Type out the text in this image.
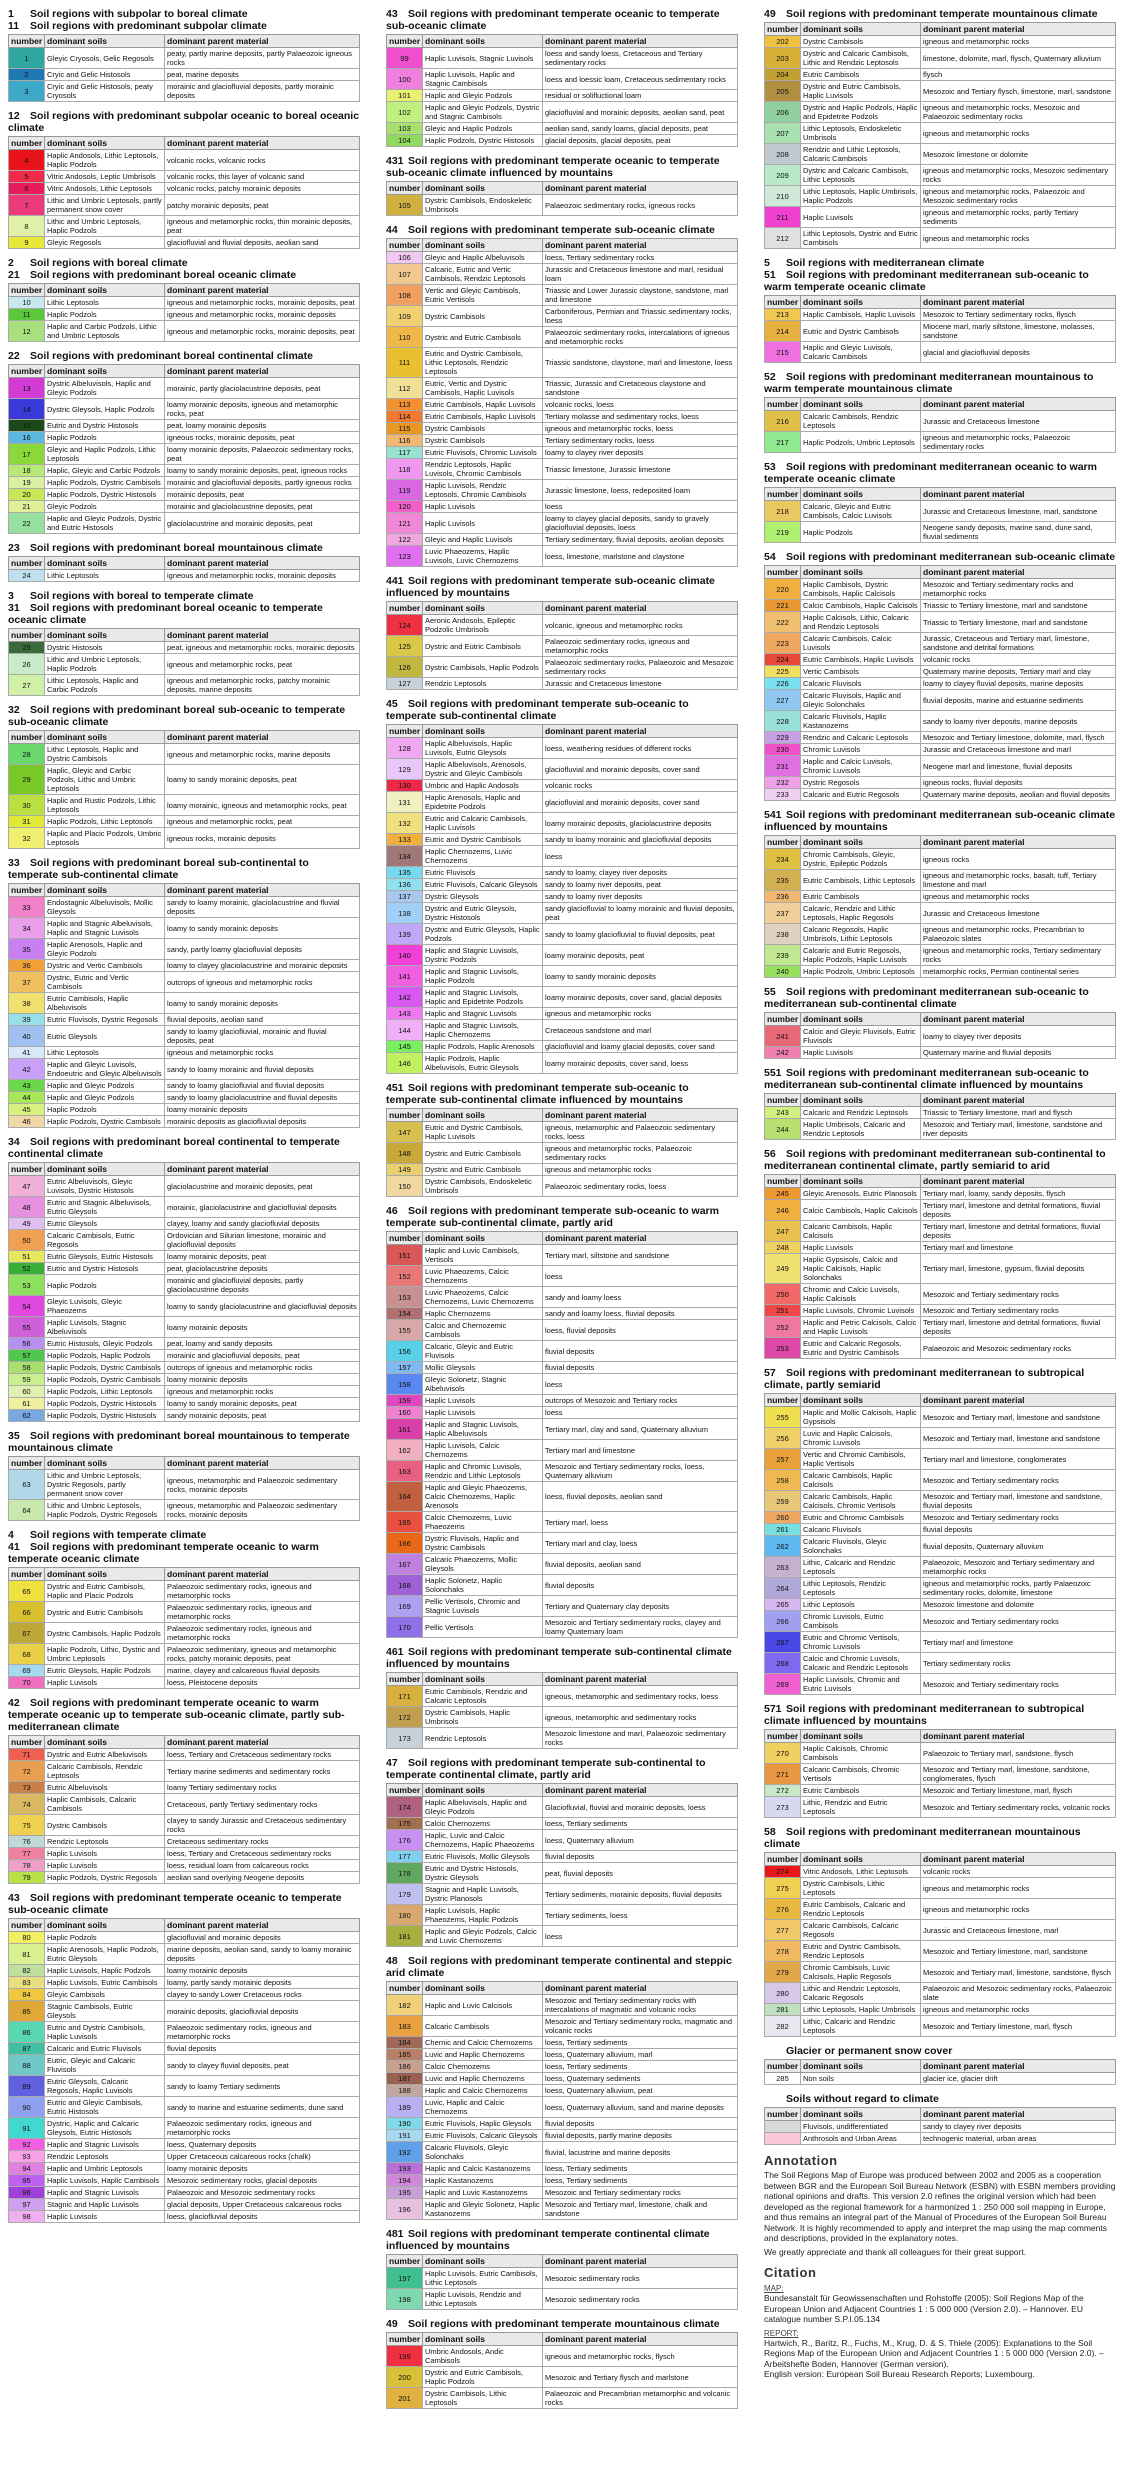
1 Soil regions with subpolar to boreal climate
11 Soil regions with predominant subpolar climate
number	dominant soils	dominant parent material
1	Gleyic Cryosols, Gelic Regosols	peaty, partly marine deposits, partly Palaeozoic igneous rocks
2	Cryic and Gelic Histosols	peat, marine deposits
3	Cryic and Gelic Histosols, peaty Cryosols	morainic and glaciofluvial deposits, partly morainic deposits
12 Soil regions with predominant subpolar oceanic to boreal oceanic climate
number	dominant soils	dominant parent material
4	Haplic Andosols, Lithic Leptosols, Haplic Podzols	volcanic rocks, volcanic rocks
5	Vitric Andosols, Leptic Umbrisols	volcanic rocks, this layer of volcanic sand
6	Vitric Andosols, Lithic Leptosols	volcanic rocks, patchy morainic deposits
7	Lithic and Umbric Leptosols, partly permanent snow cover	patchy morainic deposits, peat
8	Lithic and Umbric Leptosols, Haplic Podzols	igneous and metamorphic rocks, thin morainic deposits, peat
9	Gleyic Regosols	glaciofluvial and fluvial deposits, aeolian sand
2 Soil regions with boreal climate
21 Soil regions with predominant boreal oceanic climate
number	dominant soils	dominant parent material
10	Lithic Leptosols	igneous and metamorphic rocks, morainic deposits, peat
11	Haplic Podzols	igneous and metamorphic rocks, morainic deposits
12	Haplic and Carbic Podzols, Lithic and Umbric Leptosols	igneous and metamorphic rocks, morainic deposits, peat
22 Soil regions with predominant boreal continental climate
number	dominant soils	dominant parent material
13	Dystric Albeluvisols, Haplic and Gleyic Podzols	morainic, partly glaciolacustrine deposits, peat
14	Dystric Gleysols, Haplic Podzols	loamy morainic deposits, igneous and metamorphic rocks, peat
15	Eutric and Dystric Histosols	peat, loamy morainic deposits
16	Haplic Podzols	igneous rocks, morainic deposits, peat
17	Gleyic and Haplic Podzols, Lithic Leptosols	loamy morainic deposits, Palaeozoic sedimentary rocks, peat
18	Haplic, Gleyic and Carbic Podzols	loamy to sandy morainic deposits, peat, igneous rocks
19	Haplic Podzols, Dystric Cambisols	morainic and glaciofluvial deposits, partly igneous rocks
20	Haplic Podzols, Dystric Histosols	morainic deposits, peat
21	Gleyic Podzols	morainic and glaciolacustrine deposits, peat
22	Haplic and Gleyic Podzols, Dystric and Eutric Histosols	glaciolacustrine and morainic deposits, peat
23 Soil regions with predominant boreal mountainous climate
number	dominant soils	dominant parent material
24	Lithic Leptosols	igneous and metamorphic rocks, morainic deposits
3 Soil regions with boreal to temperate climate
31 Soil regions with predominant boreal oceanic to temperate oceanic climate
number	dominant soils	dominant parent material
25	Dystric Histosols	peat, igneous and metamorphic rocks, morainic deposits
26	Lithic and Umbric Leptosols, Haplic Podzols	igneous and metamorphic rocks, peat
27	Lithic Leptosols, Haplic and Carbic Podzols	igneous and metamorphic rocks, patchy morainic deposits, marine deposits
32 Soil regions with predominant boreal sub-oceanic to temperate sub-oceanic climate
number	dominant soils	dominant parent material
28	Lithic Leptosols, Haplic and Dystric Cambisols	igneous and metamorphic rocks, marine deposits
29	Haplic, Gleyic and Carbic Podzols, Lithic and Umbric Leptosols	loamy to sandy morainic deposits, peat
30	Haplic and Rustic Podzols, Lithic Leptosols	loamy morainic, igneous and metamorphic rocks, peat
31	Haplic Podzols, Lithic Leptosols	igneous and metamorphic rocks, peat
32	Haplic and Placic Podzols, Umbric Leptosols	igneous rocks, morainic deposits
33 Soil regions with predominant boreal sub-continental to temperate sub-continental climate
number	dominant soils	dominant parent material
33	Endostagnic Albeluvisols, Mollic Gleysols	sandy to loamy morainic, glaciolacustrine and fluvial deposits
34	Haplic and Stagnic Albeluvisols, Haplic and Stagnic Luvisols	loamy to sandy morainic deposits
35	Haplic Arenosols, Haplic and Gleyic Podzols	sandy, partly loamy glaciofluvial deposits
36	Dystric and Vertic Cambisols	loamy to clayey glaciolacustrine and morainic deposits
37	Dystric, Eutric and Vertic Cambisols	outcrops of igneous and metamorphic rocks
38	Eutric Cambisols, Haplic Albeluvisols	loamy to sandy morainic deposits
39	Eutric Fluvisols, Dystric Regosols	fluvial deposits, aeolian sand
40	Eutric Gleysols	sandy to loamy glaciofluvial, morainic and fluvial deposits, peat
41	Lithic Leptosols	igneous and metamorphic rocks
42	Haplic and Gleyic Luvisols, Endoeutric and Gleyic Albeluvisols	sandy to loamy morainic and fluvial deposits
43	Haplic and Gleyic Podzols	sandy to loamy glaciofluvial and fluvial deposits
44	Haplic and Gleyic Podzols	sandy to loamy glaciolacustrine and fluvial deposits
45	Haplic Podzols	loamy morainic deposits
46	Haplic Podzols, Dystric Cambisols	morainic deposits as glaciofluvial deposits
34 Soil regions with predominant boreal continental to temperate continental climate
number	dominant soils	dominant parent material
47	Eutric Albeluvisols, Gleyic Luvisols, Dystric Histosols	glaciolacustrine and morainic deposits, peat
48	Eutric and Stagnic Albeluvisols, Eutric Gleysols	morainic, glaciolacustrine and glaciofluvial deposits
49	Eutric Gleysols	clayey, loamy and sandy glaciofluvial deposits
50	Calcaric Cambisols, Eutric Regosols	Ordovician and Silurian limestone, morainic and glaciofluvial deposits
51	Eutric Gleysols, Eutric Histosols	loamy morainic deposits, peat
52	Eutric and Dystric Histosols	peat, glaciolacustrine deposits
53	Haplic Podzols	morainic and glaciofluvial deposits, partly glaciolacustrine deposits
54	Gleyic Luvisols, Gleyic Phaeozems	loamy to sandy glaciolacustrine and glaciofluvial deposits
55	Haplic Luvisols, Stagnic Albeluvisols	loamy morainic deposits
56	Eutric Histosols, Gleyic Podzols	peat, loamy and sandy deposits
57	Haplic Podzols, Haplic Podzols	morainic and glaciofluvial deposits, peat
58	Haplic Podzols, Dystric Cambisols	outcrops of igneous and metamorphic rocks
59	Haplic Podzols, Dystric Cambisols	loamy morainic deposits
60	Haplic Podzols, Lithic Leptosols	igneous and metamorphic rocks
61	Haplic Podzols, Dystric Histosols	loamy to sandy morainic deposits, peat
62	Haplic Podzols, Dystric Histosols	sandy morainic deposits, peat
35 Soil regions with predominant boreal mountainous to temperate mountainous climate
number	dominant soils	dominant parent material
63	Lithic and Umbric Leptosols, Dystric Regosols, partly permanent snow cover	igneous, metamorphic and Palaeozoic sedimentary rocks, morainic deposits
64	Lithic and Umbric Leptosols, Haplic Podzols, Dystric Regosols	igneous, metamorphic and Palaeozoic sedimentary rocks, morainic deposits
4 Soil regions with temperate climate
41 Soil regions with predominant temperate oceanic to warm temperate oceanic climate
number	dominant soils	dominant parent material
65	Dystric and Eutric Cambisols, Haplic and Placic Podzols	Palaeozoic sedimentary rocks, igneous and metamorphic rocks
66	Dystric and Eutric Cambisols	Palaeozoic sedimentary rocks, igneous and metamorphic rocks
67	Dystric Cambisols, Haplic Podzols	Palaeozoic sedimentary rocks, igneous and metamorphic rocks
68	Haplic Podzols, Lithic, Dystric and Umbric Leptosols	Palaeozoic sedimentary, igneous and metamorphic rocks, patchy morainic deposits, peat
69	Eutric Gleysols, Haplic Podzols	marine, clayey and calcareous fluvial deposits
70	Haplic Luvisols	loess, Pleistocene deposits
42 Soil regions with predominant temperate oceanic to warm temperate oceanic up to temperate sub-oceanic climate, partly sub-mediterranean climate
number	dominant soils	dominant parent material
71	Dystric and Eutric Albeluvisols	loess, Tertiary and Cretaceous sedimentary rocks
72	Calcaric Cambisols, Rendzic Leptosols	Tertiary marine sediments and sedimentary rocks
73	Eutric Albeluvisols	loamy Tertiary sedimentary rocks
74	Haplic Cambisols, Calcaric Cambisols	Cretaceous, partly Tertiary sedimentary rocks
75	Dystric Cambisols	clayey to sandy Jurassic and Cretaceous sedimentary rocks
76	Rendzic Leptosols	Cretaceous sedimentary rocks
77	Haplic Luvisols	loess, Tertiary and Cretaceous sedimentary rocks
78	Haplic Luvisols	loess, residual loam from calcareous rocks
79	Haplic Podzols, Dystric Regosols	aeolian sand overlying Neogene deposits
43 Soil regions with predominant temperate oceanic to temperate sub-oceanic climate
number	dominant soils	dominant parent material
80	Haplic Podzols	glaciofluvial and morainic deposits
81	Haplic Arenosols, Haplic Podzols, Eutric Gleysols	marine deposits, aeolian sand, sandy to loamy morainic deposits
82	Haplic Luvisols, Haplic Podzols	loamy morainic deposits
83	Haplic Luvisols, Eutric Cambisols	loamy, partly sandy morainic deposits
84	Gleyic Cambisols	clayey to sandy Lower Cretaceous rocks
85	Stagnic Cambisols, Eutric Gleysols	morainic deposits, glaciofluvial deposits
86	Eutric and Dystric Cambisols, Haplic Luvisols	Palaeozoic sedimentary rocks, igneous and metamorphic rocks
87	Calcaric and Eutric Fluvisols	fluvial deposits
88	Eutric, Gleyic and Calcaric Fluvisols	sandy to clayey fluvial deposits, peat
89	Eutric Gleysols, Calcaric Regosols, Haplic Luvisols	sandy to loamy Tertiary sediments
90	Eutric and Gleyic Cambisols, Eutric Histosols	sandy to marine and estuarine sediments, dune sand
91	Dystric, Haplic and Calcaric Gleysols, Eutric Histosols	Palaeozoic sedimentary rocks, igneous and metamorphic rocks
92	Haplic and Stagnic Luvisols	loess, Quaternary deposits
93	Rendzic Leptosols	Upper Cretaceous calcareous rocks (chalk)
94	Haplic and Umbric Leptosols	loamy morainic deposits
95	Haplic Luvisols, Haplic Cambisols	Mesozoic sedimentary rocks, glacial deposits
96	Haplic and Stagnic Luvisols	Palaeozoic and Mesozoic sedimentary rocks
97	Stagnic and Haplic Luvisols	glacial deposits, Upper Cretaceous calcareous rocks
98	Haplic Luvisols	loess, glaciofluvial deposits
43 Soil regions with predominant temperate oceanic to temperate sub-oceanic climate
number	dominant soils	dominant parent material
99	Haplic Luvisols, Stagnic Luvisols	loess and sandy loess, Cretaceous and Tertiary sedimentary rocks
100	Haplic Luvisols, Haplic and Stagnic Cambisols	loess and loessic loam, Cretaceous sedimentary rocks
101	Haplic and Gleyic Podzols	residual or solifluctional loam
102	Haplic and Gleyic Podzols, Dystric and Stagnic Cambisols	glaciofluvial and morainic deposits, aeolian sand, peat
103	Gleyic and Haplic Podzols	aeolian sand, sandy loams, glacial deposits, peat
104	Haplic Podzols, Dystric Histosols	glacial deposits, glacial deposits, peat
431 Soil regions with predominant temperate oceanic to temperate sub-oceanic climate influenced by mountains
number	dominant soils	dominant parent material
105	Dystric Cambisols, Endoskeletic Umbrisols	Palaeozoic sedimentary rocks, igneous rocks
44 Soil regions with predominant temperate sub-oceanic climate
number	dominant soils	dominant parent material
106	Gleyic and Haplic Albeluvisols	loess, Tertiary sedimentary rocks
107	Calcaric, Eutric and Vertic Cambisols, Rendzic Leptosols	Jurassic and Cretaceous limestone and marl, residual loam
108	Vertic and Gleyic Cambisols, Eutric Vertisols	Triassic and Lower Jurassic claystone, sandstone, marl and limestone
109	Dystric Cambisols	Carboniferous, Permian and Triassic sedimentary rocks, loess
110	Dystric and Eutric Cambisols	Palaeozoic sedimentary rocks, intercalations of igneous and metamorphic rocks
111	Eutric and Dystric Cambisols, Lithic Leptosols, Rendzic Leptosols	Triassic sandstone, claystone, marl and limestone, loess
112	Eutric, Vertic and Dystric Cambisols, Haplic Luvisols	Triassic, Jurassic and Cretaceous claystone and sandstone
113	Eutric Cambisols, Haplic Luvisols	volcanic rocks, loess
114	Eutric Cambisols, Haplic Luvisols	Tertiary molasse and sedimentary rocks, loess
115	Dystric Cambisols	igneous and metamorphic rocks, loess
116	Dystric Cambisols	Tertiary sedimentary rocks, loess
117	Eutric Fluvisols, Chromic Luvisols	loamy to clayey river deposits
118	Rendzic Leptosols, Haplic Luvisols, Chromic Cambisols	Triassic limestone, Jurassic limestone
119	Haplic Luvisols, Rendzic Leptosols, Chromic Cambisols	Jurassic limestone, loess, redeposited loam
120	Haplic Luvisols	loess
121	Haplic Luvisols	loamy to clayey glacial deposits, sandy to gravely glaciofluvial deposits, loess
122	Gleyic and Haplic Luvisols	Tertiary sedimentary, fluvial deposits, aeolian deposits
123	Luvic Phaeozems, Haplic Luvisols, Luvic Chernozems	loess, limestone, marlstone and claystone
441 Soil regions with predominant temperate sub-oceanic climate influenced by mountains
number	dominant soils	dominant parent material
124	Aeronic Andosols, Epileptic Podzolic Umbrisols	volcanic, igneous and metamorphic rocks
125	Dystric and Eutric Cambisols	Palaeozoic sedimentary rocks, igneous and metamorphic rocks
126	Dystric Cambisols, Haplic Podzols	Palaeozoic sedimentary rocks, Palaeozoic and Mesozoic sedimentary rocks
127	Rendzic Leptosols	Jurassic and Cretaceous limestone
45 Soil regions with predominant temperate sub-oceanic to temperate sub-continental climate
number	dominant soils	dominant parent material
128	Haplic Albeluvisols, Haplic Luvisols, Eutric Gleysols	loess, weathering residues of different rocks
129	Haplic Albeluvisols, Arenosols, Dystric and Gleyic Cambisols	glaciofluvial and morainic deposits, cover sand
130	Umbric and Haplic Andosols	volcanic rocks
131	Haplic Arenosols, Haplic and Epidetrite Podzols	glaciofluvial and morainic deposits, cover sand
132	Eutric and Calcaric Cambisols, Haplic Luvisols	loamy morainic deposits, glaciolacustrine deposits
133	Eutric and Dystric Cambisols	sandy to loamy morainic and glaciofluvial deposits
134	Haplic Chernozems, Luvic Chernozems	loess
135	Eutric Fluvisols	sandy to loamy, clayey river deposits
136	Eutric Fluvisols, Calcaric Gleysols	sandy to loamy river deposits, peat
137	Dystric Gleysols	sandy to loamy river deposits
138	Dystric and Eutric Gleysols, Dystric Histosols	sandy glaciofluvial to loamy morainic and fluvial deposits, peat
139	Dystric and Eutric Gleysols, Haplic Podzols	sandy to loamy glaciofluvial to fluvial deposits, peat
140	Haplic and Stagnic Luvisols, Dystric Podzols	loamy morainic deposits, peat
141	Haplic and Stagnic Luvisols, Haplic Podzols	loamy to sandy morainic deposits
142	Haplic and Stagnic Luvisols, Haplic and Epidetrite Podzols	loamy morainic deposits, cover sand, glacial deposits
143	Haplic and Stagnic Luvisols	igneous and metamorphic rocks
144	Haplic and Stagnic Luvisols, Haplic Chernozems	Cretaceous sandstone and marl
145	Haplic Podzols, Haplic Arenosols	glaciofluvial and loamy glacial deposits, cover sand
146	Haplic Podzols, Haplic Albeluvisols, Eutric Gleysols	loamy morainic deposits, cover sand, loess
451 Soil regions with predominant temperate sub-oceanic to temperate sub-continental climate influenced by mountains
number	dominant soils	dominant parent material
147	Eutric and Dystric Cambisols, Haplic Luvisols	igneous, metamorphic and Palaeozoic sedimentary rocks, loess
148	Dystric and Eutric Cambisols	igneous and metamorphic rocks, Palaeozoic sedimentary rocks
149	Dystric and Eutric Cambisols	igneous and metamorphic rocks
150	Dystric Cambisols, Endoskeletic Umbrisols	Palaeozoic sedimentary rocks, loess
46 Soil regions with predominant temperate sub-oceanic to warm temperate sub-continental climate, partly arid
number	dominant soils	dominant parent material
151	Haplic and Luvic Cambisols, Vertisols	Tertiary marl, siltstone and sandstone
152	Luvic Phaeozems, Calcic Chernozems	loess
153	Luvic Phaeozems, Calcic Chernozems, Luvic Chernozems	sandy and loamy loess
154	Haplic Chernozems	sandy and loamy loess, fluvial deposits
155	Calcic and Chernozemic Cambisols	loess, fluvial deposits
156	Calcaric, Gleyic and Eutric Fluvisols	fluvial deposits
157	Mollic Gleysols	fluvial deposits
158	Gleyic Solonetz, Stagnic Albeluvisols	loess
159	Haplic Luvisols	outcrops of Mesozoic and Tertiary rocks
160	Haplic Luvisols	loess
161	Haplic and Stagnic Luvisols, Haplic Albeluvisols	Tertiary marl, clay and sand, Quaternary alluvium
162	Haplic Luvisols, Calcic Chernozems	Tertiary marl and limestone
163	Haplic and Chromic Luvisols, Rendzic and Lithic Leptosols	Mesozoic and Tertiary sedimentary rocks, loess, Quaternary alluvium
164	Haplic and Gleyic Phaeozems, Calcic Chernozems, Haplic Arenosols	loess, fluvial deposits, aeolian sand
165	Calcic Chernozems, Luvic Phaeozems	Tertiary marl, loess
166	Dystric Fluvisols, Haplic and Dystric Cambisols	Tertiary marl and clay, loess
167	Calcaric Phaeozems, Mollic Gleysols	fluvial deposits, aeolian sand
168	Haplic Solonetz, Haplic Solonchaks	fluvial deposits
169	Pellic Vertisols, Chromic and Stagnic Luvisols	Tertiary and Quaternary clay deposits
170	Pellic Vertisols	Mesozoic and Tertiary sedimentary rocks, clayey and loamy Quaternary loam
461 Soil regions with predominant temperate sub-continental climate influenced by mountains
number	dominant soils	dominant parent material
171	Eutric Cambisols, Rendzic and Calcaric Leptosols	igneous, metamorphic and sedimentary rocks, loess
172	Dystric Cambisols, Haplic Umbrisols	igneous, metamorphic and sedimentary rocks
173	Rendzic Leptosols	Mesozoic limestone and marl, Palaeozoic sedimentary rocks
47 Soil regions with predominant temperate sub-continental to temperate continental climate, partly arid
number	dominant soils	dominant parent material
174	Haplic Albeluvisols, Haplic and Gleyic Podzols	Glaciofluvial, fluvial and morainic deposits, loess
175	Calcic Chernozems	loess, Tertiary sediments
176	Haplic, Luvic and Calcic Chernozems, Haplic Phaeozems	loess, Quaternary alluvium
177	Eutric Fluvisols, Mollic Gleysols	fluvial deposits
178	Eutric and Dystric Histosols, Dystric Gleysols	peat, fluvial deposits
179	Stagnic and Haplic Luvisols, Dystric Planosols	Tertiary sediments, morainic deposits, fluvial deposits
180	Haplic Luvisols, Haplic Phaeozems, Haplic Podzols	Tertiary sediments, loess
181	Haplic and Gleyic Podzols, Calcic and Luvic Chernozems	loess
48 Soil regions with predominant temperate continental and steppic arid climate
number	dominant soils	dominant parent material
182	Haplic and Luvic Calcisols	Mesozoic and Tertiary sedimentary rocks with intercalations of magmatic and volcanic rocks
183	Calcaric Cambisols	Mesozoic and Tertiary sedimentary rocks, magmatic and volcanic rocks
184	Chernic and Calcic Chernozems	loess, Tertiary sediments
185	Luvic and Haplic Chernozems	loess, Quaternary alluvium, marl
186	Calcic Chernozems	loess, Tertiary sediments
187	Luvic and Haplic Chernozems	loess, Quaternary sediments
188	Haplic and Calcic Chernozems	loess, Quaternary alluvium, peat
189	Luvic, Haplic and Calcic Chernozems	loess, Quaternary alluvium, sand and marine deposits
190	Eutric Fluvisols, Haplic Gleysols	fluvial deposits
191	Eutric Fluvisols, Calcaric Gleysols	fluvial deposits, partly marine deposits
192	Calcaric Fluvisols, Gleyic Solonchaks	fluvial, lacustrine and marine deposits
193	Haplic and Calcic Kastanozems	loess, Tertiary sediments
194	Haplic Kastanozems	loess, Tertiary sediments
195	Haplic and Luvic Kastanozems	Mesozoic and Tertiary sedimentary rocks
196	Haplic and Gleyic Solonetz, Haplic Kastanozems	Mesozoic and Tertiary marl, limestone, chalk and sandstone
481 Soil regions with predominant temperate continental climate influenced by mountains
number	dominant soils	dominant parent material
197	Haplic Luvisols, Eutric Cambisols, Lithic Leptosols	Mesozoic sedimentary rocks
198	Haplic Luvisols, Rendzic and Lithic Leptosols	Mesozoic sedimentary rocks
49 Soil regions with predominant temperate mountainous climate
number	dominant soils	dominant parent material
199	Umbric Andosols, Andic Cambisols	igneous and metamorphic rocks, flysch
200	Dystric and Eutric Cambisols, Haplic Podzols	Mesozoic and Tertiary flysch and marlstone
201	Dystric Cambisols, Lithic Leptosols	Palaeozoic and Precambrian metamorphic and volcanic rocks
49 Soil regions with predominant temperate mountainous climate
number	dominant soils	dominant parent material
202	Dystric Cambisols	igneous and metamorphic rocks
203	Dystric and Calcaric Cambisols, Lithic and Rendzic Leptosols	limestone, dolomite, marl, flysch, Quaternary alluvium
204	Eutric Cambisols	flysch
205	Dystric and Eutric Cambisols, Haplic Luvisols	Mesozoic and Tertiary flysch, limestone, marl, sandstone
206	Dystric and Haplic Podzols, Haplic and Epidetrite Podzols	igneous and metamorphic rocks, Mesozoic and Palaeozoic sedimentary rocks
207	Lithic Leptosols, Endoskeletic Umbrisols	igneous and metamorphic rocks
208	Rendzic and Lithic Leptosols, Calcaric Cambisols	Mesozoic limestone or dolomite
209	Dystric and Calcaric Cambisols, Lithic Leptosols	igneous and metamorphic rocks, Mesozoic sedimentary rocks
210	Lithic Leptosols, Haplic Umbrisols, Haplic Podzols	igneous and metamorphic rocks, Palaeozoic and Mesozoic sedimentary rocks
211	Haplic Luvisols	igneous and metamorphic rocks, partly Tertiary sediments
212	Lithic Leptosols, Dystric and Eutric Cambisols	igneous and metamorphic rocks
5 Soil regions with mediterranean climate
51 Soil regions with predominant mediterranean sub-oceanic to warm temperate oceanic climate
number	dominant soils	dominant parent material
213	Haplic Cambisols, Haplic Luvisols	Mesozoic to Tertiary sedimentary rocks, flysch
214	Eutric and Dystric Cambisols	Miocene marl, marly siltstone, limestone, molasses, sandstone
215	Haplic and Gleyic Luvisols, Calcaric Cambisols	glacial and glaciofluvial deposits
52 Soil regions with predominant mediterranean mountainous to warm temperate mountainous climate
number	dominant soils	dominant parent material
216	Calcaric Cambisols, Rendzic Leptosols	Jurassic and Cretaceous limestone
217	Haplic Podzols, Umbric Leptosols	igneous and metamorphic rocks, Palaeozoic sedimentary rocks
53 Soil regions with predominant mediterranean oceanic to warm temperate oceanic climate
number	dominant soils	dominant parent material
218	Calcaric, Gleyic and Eutric Cambisols, Calcic Luvisols	Jurassic and Cretaceous limestone, marl, sandstone
219	Haplic Podzols	Neogene sandy deposits, marine sand, dune sand, fluvial sediments
54 Soil regions with predominant mediterranean sub-oceanic climate
number	dominant soils	dominant parent material
220	Haplic Cambisols, Dystric Cambisols, Haplic Calcisols	Mesozoic and Tertiary sedimentary rocks and metamorphic rocks
221	Calcic Cambisols, Haplic Calcisols	Triassic to Tertiary limestone, marl and sandstone
222	Haplic Calcisols, Lithic, Calcaric and Rendzic Leptosols	Triassic to Tertiary limestone, marl and sandstone
223	Calcaric Cambisols, Calcic Luvisols	Jurassic, Cretaceous and Tertiary marl, limestone, sandstone and detrital formations
224	Eutric Cambisols, Haplic Luvisols	volcanic rocks
225	Vertic Cambisols	Quaternary marine deposits, Tertiary marl and clay
226	Calcaric Fluvisols	loamy to clayey fluvial deposits, marine deposits
227	Calcaric Fluvisols, Haplic and Gleyic Solonchaks	fluvial deposits, marine and estuarine sediments
228	Calcaric Fluvisols, Haplic Kastanozems	sandy to loamy river deposits, marine deposits
229	Rendzic and Calcaric Leptosols	Mesozoic and Tertiary limestone, dolomite, marl, flysch
230	Chromic Luvisols	Jurassic and Cretaceous limestone and marl
231	Haplic and Calcic Luvisols, Chromic Luvisols	Neogene marl and limestone, fluvial deposits
232	Dystric Regosols	igneous rocks, fluvial deposits
233	Calcaric and Eutric Regosols	Quaternary marine deposits, aeolian and fluvial deposits
541 Soil regions with predominant mediterranean sub-oceanic climate influenced by mountains
number	dominant soils	dominant parent material
234	Chromic Cambisols, Gleyic, Dystric, Epileptic Podzols	igneous rocks
235	Eutric Cambisols, Lithic Leptosols	igneous and metamorphic rocks, basalt, tuff, Tertiary limestone and marl
236	Eutric Cambisols	igneous and metamorphic rocks
237	Calcaric, Rendzic and Lithic Leptosols, Haplic Regosols	Jurassic and Cretaceous limestone
238	Calcaric Regosols, Haplic Umbrisols, Lithic Leptosols	igneous and metamorphic rocks, Precambrian to Palaeozoic slates
239	Calcaric and Eutric Regosols, Haplic Podzols, Haplic Luvisols	igneous and metamorphic rocks, Tertiary sedimentary rocks
240	Haplic Podzols, Umbric Leptosols	metamorphic rocks, Permian continental series
55 Soil regions with predominant mediterranean sub-oceanic to mediterranean sub-continental climate
number	dominant soils	dominant parent material
241	Calcic and Gleyic Fluvisols, Eutric Fluvisols	loamy to clayey river deposits
242	Haplic Luvisols	Quaternary marine and fluvial deposits
551 Soil regions with predominant mediterranean sub-oceanic to mediterranean sub-continental climate influenced by mountains
number	dominant soils	dominant parent material
243	Calcaric and Rendzic Leptosols	Triassic to Tertiary limestone, marl and flysch
244	Haplic Umbrisols, Calcaric and Rendzic Leptosols	Mesozoic and Tertiary marl, limestone, sandstone and river deposits
56 Soil regions with predominant mediterranean sub-continental to mediterranean continental climate, partly semiarid to arid
number	dominant soils	dominant parent material
245	Gleyic Arenosols, Eutric Planosols	Tertiary marl, loamy, sandy deposits, flysch
246	Calcic Cambisols, Haplic Calcisols	Tertiary marl, limestone and detrital formations, fluvial deposits
247	Calcaric Cambisols, Haplic Calcisols	Tertiary marl, limestone and detrital formations, fluvial deposits
248	Haplic Luvisols	Tertiary marl and limestone
249	Haplic Gypsisols, Calcic and Haplic Calcisols, Haplic Solonchaks	Tertiary marl, limestone, gypsum, fluvial deposits
250	Chromic and Calcic Luvisols, Haplic Calcisols	Mesozoic and Tertiary sedimentary rocks
251	Haplic Luvisols, Chromic Luvisols	Mesozoic and Tertiary sedimentary rocks
252	Haplic and Petric Calcisols, Calcic and Haplic Luvisols	Tertiary marl, limestone and detrital formations, fluvial deposits
253	Eutric and Calcaric Regosols, Eutric and Dystric Cambisols	Palaeozoic and Mesozoic sedimentary rocks
57 Soil regions with predominant mediterranean to subtropical climate, partly semiarid
number	dominant soils	dominant parent material
255	Haplic and Mollic Calcisols, Haplic Gypsisols	Mesozoic and Tertiary marl, limestone and sandstone
256	Luvic and Haplic Calcisols, Chromic Luvisols	Mesozoic and Tertiary marl, limestone and sandstone
257	Vertic and Chromic Cambisols, Haplic Vertisols	Tertiary marl and limestone, conglomerates
258	Calcaric Cambisols, Haplic Calcisols	Mesozoic and Tertiary sedimentary rocks
259	Calcaric Cambisols, Haplic Calcisols, Chromic Vertisols	Mesozoic and Tertiary marl, limestone and sandstone, fluvial deposits
260	Eutric and Chromic Cambisols	Mesozoic and Tertiary sedimentary rocks
261	Calcaric Fluvisols	fluvial deposits
262	Calcaric Fluvisols, Gleyic Solonchaks	fluvial deposits, Quaternary alluvium
263	Lithic, Calcaric and Rendzic Leptosols	Palaeozoic, Mesozoic and Tertiary sedimentary and metamorphic rocks
264	Lithic Leptosols, Rendzic Leptosols	igneous and metamorphic rocks, partly Palaeozoic sedimentary rocks, dolomite, limestone
265	Lithic Leptosols	Mesozoic limestone and dolomite
266	Chromic Luvisols, Eutric Cambisols	Mesozoic and Tertiary sedimentary rocks
267	Eutric and Chromic Vertisols, Chromic Luvisols	Tertiary marl and limestone
268	Calcic and Chromic Luvisols, Calcaric and Rendzic Leptosols	Tertiary sedimentary rocks
269	Haplic Luvisols, Chromic and Eutric Luvisols	Mesozoic and Tertiary sedimentary rocks
571 Soil regions with predominant mediterranean to subtropical climate influenced by mountains
number	dominant soils	dominant parent material
270	Haplic Calcisols, Chromic Cambisols	Palaeozoic to Tertiary marl, sandstone, flysch
271	Calcaric Cambisols, Chromic Vertisols	Mesozoic and Tertiary marl, limestone, sandstone, conglomerates, flysch
272	Eutric Cambisols	Mesozoic and Tertiary limestone, marl, flysch
273	Lithic, Rendzic and Eutric Leptosols	Mesozoic and Tertiary sedimentary rocks, volcanic rocks
58 Soil regions with predominant mediterranean mountainous climate
number	dominant soils	dominant parent material
274	Vitric Andosols, Lithic Leptosols	volcanic rocks
275	Dystric Cambisols, Lithic Leptosols	igneous and metamorphic rocks
276	Eutric Cambisols, Calcaric and Rendzic Leptosols	igneous and metamorphic rocks
277	Calcaric Cambisols, Calcaric Regosols	Jurassic and Cretaceous limestone, marl
278	Eutric and Dystric Cambisols, Rendzic Leptosols	Mesozoic and Tertiary limestone, marl, sandstone
279	Chromic Cambisols, Luvic Calcisols, Haplic Regosols	Mesozoic and Tertiary marl, limestone, sandstone, flysch
280	Lithic and Rendzic Leptosols, Calcaric Regosols	Palaeozoic and Mesozoic sedimentary rocks, Palaeozoic slate
281	Lithic Leptosols, Haplic Umbrisols	igneous and metamorphic rocks
282	Lithic, Calcaric and Rendzic Leptosols	Mesozoic and Tertiary limestone, marl, flysch
Glacier or permanent snow cover
number	dominant soils	dominant parent material
285	Non soils	glacier ice, glacier drift
Soils without regard to climate
number	dominant soils	dominant parent material
	Fluvisols, undifferentiated	sandy to clayey river deposits
	Anthrosols and Urban Areas	technogenic material, urban areas
Annotation
The Soil Regions Map of Europe was produced between 2002 and 2005 as a cooperation between BGR and the European Soil Bureau Network (ESBN) with ESBN members providing national opinions and drafts. This version 2.0 refines the original version which had been developed as the regional framework for a harmonized 1 : 250 000 soil mapping in Europe, and thus remains an integral part of the Manual of Procedures of the European Soil Bureau Network. It is highly recommended to apply and interpret the map using the map comments and descriptions, provided in the explanatory notes.
We greatly appreciate and thank all colleagues for their great support.
Citation
MAP:
Bundesanstalt für Geowissenschaften und Rohstoffe (2005): Soil Regions Map of the European Union and Adjacent Countries 1 : 5 000 000 (Version 2.0). – Hannover. EU catalogue number S.P.I.05.134
REPORT:
Hartwich, R., Baritz, R., Fuchs, M., Krug, D. & S. Thiele (2005): Explanations to the Soil Regions Map of the European Union and Adjacent Countries 1 : 5 000 000 (Version 2.0). – Arbeitshefte Boden, Hannover (German version).
English version: European Soil Bureau Research Reports; Luxembourg.
